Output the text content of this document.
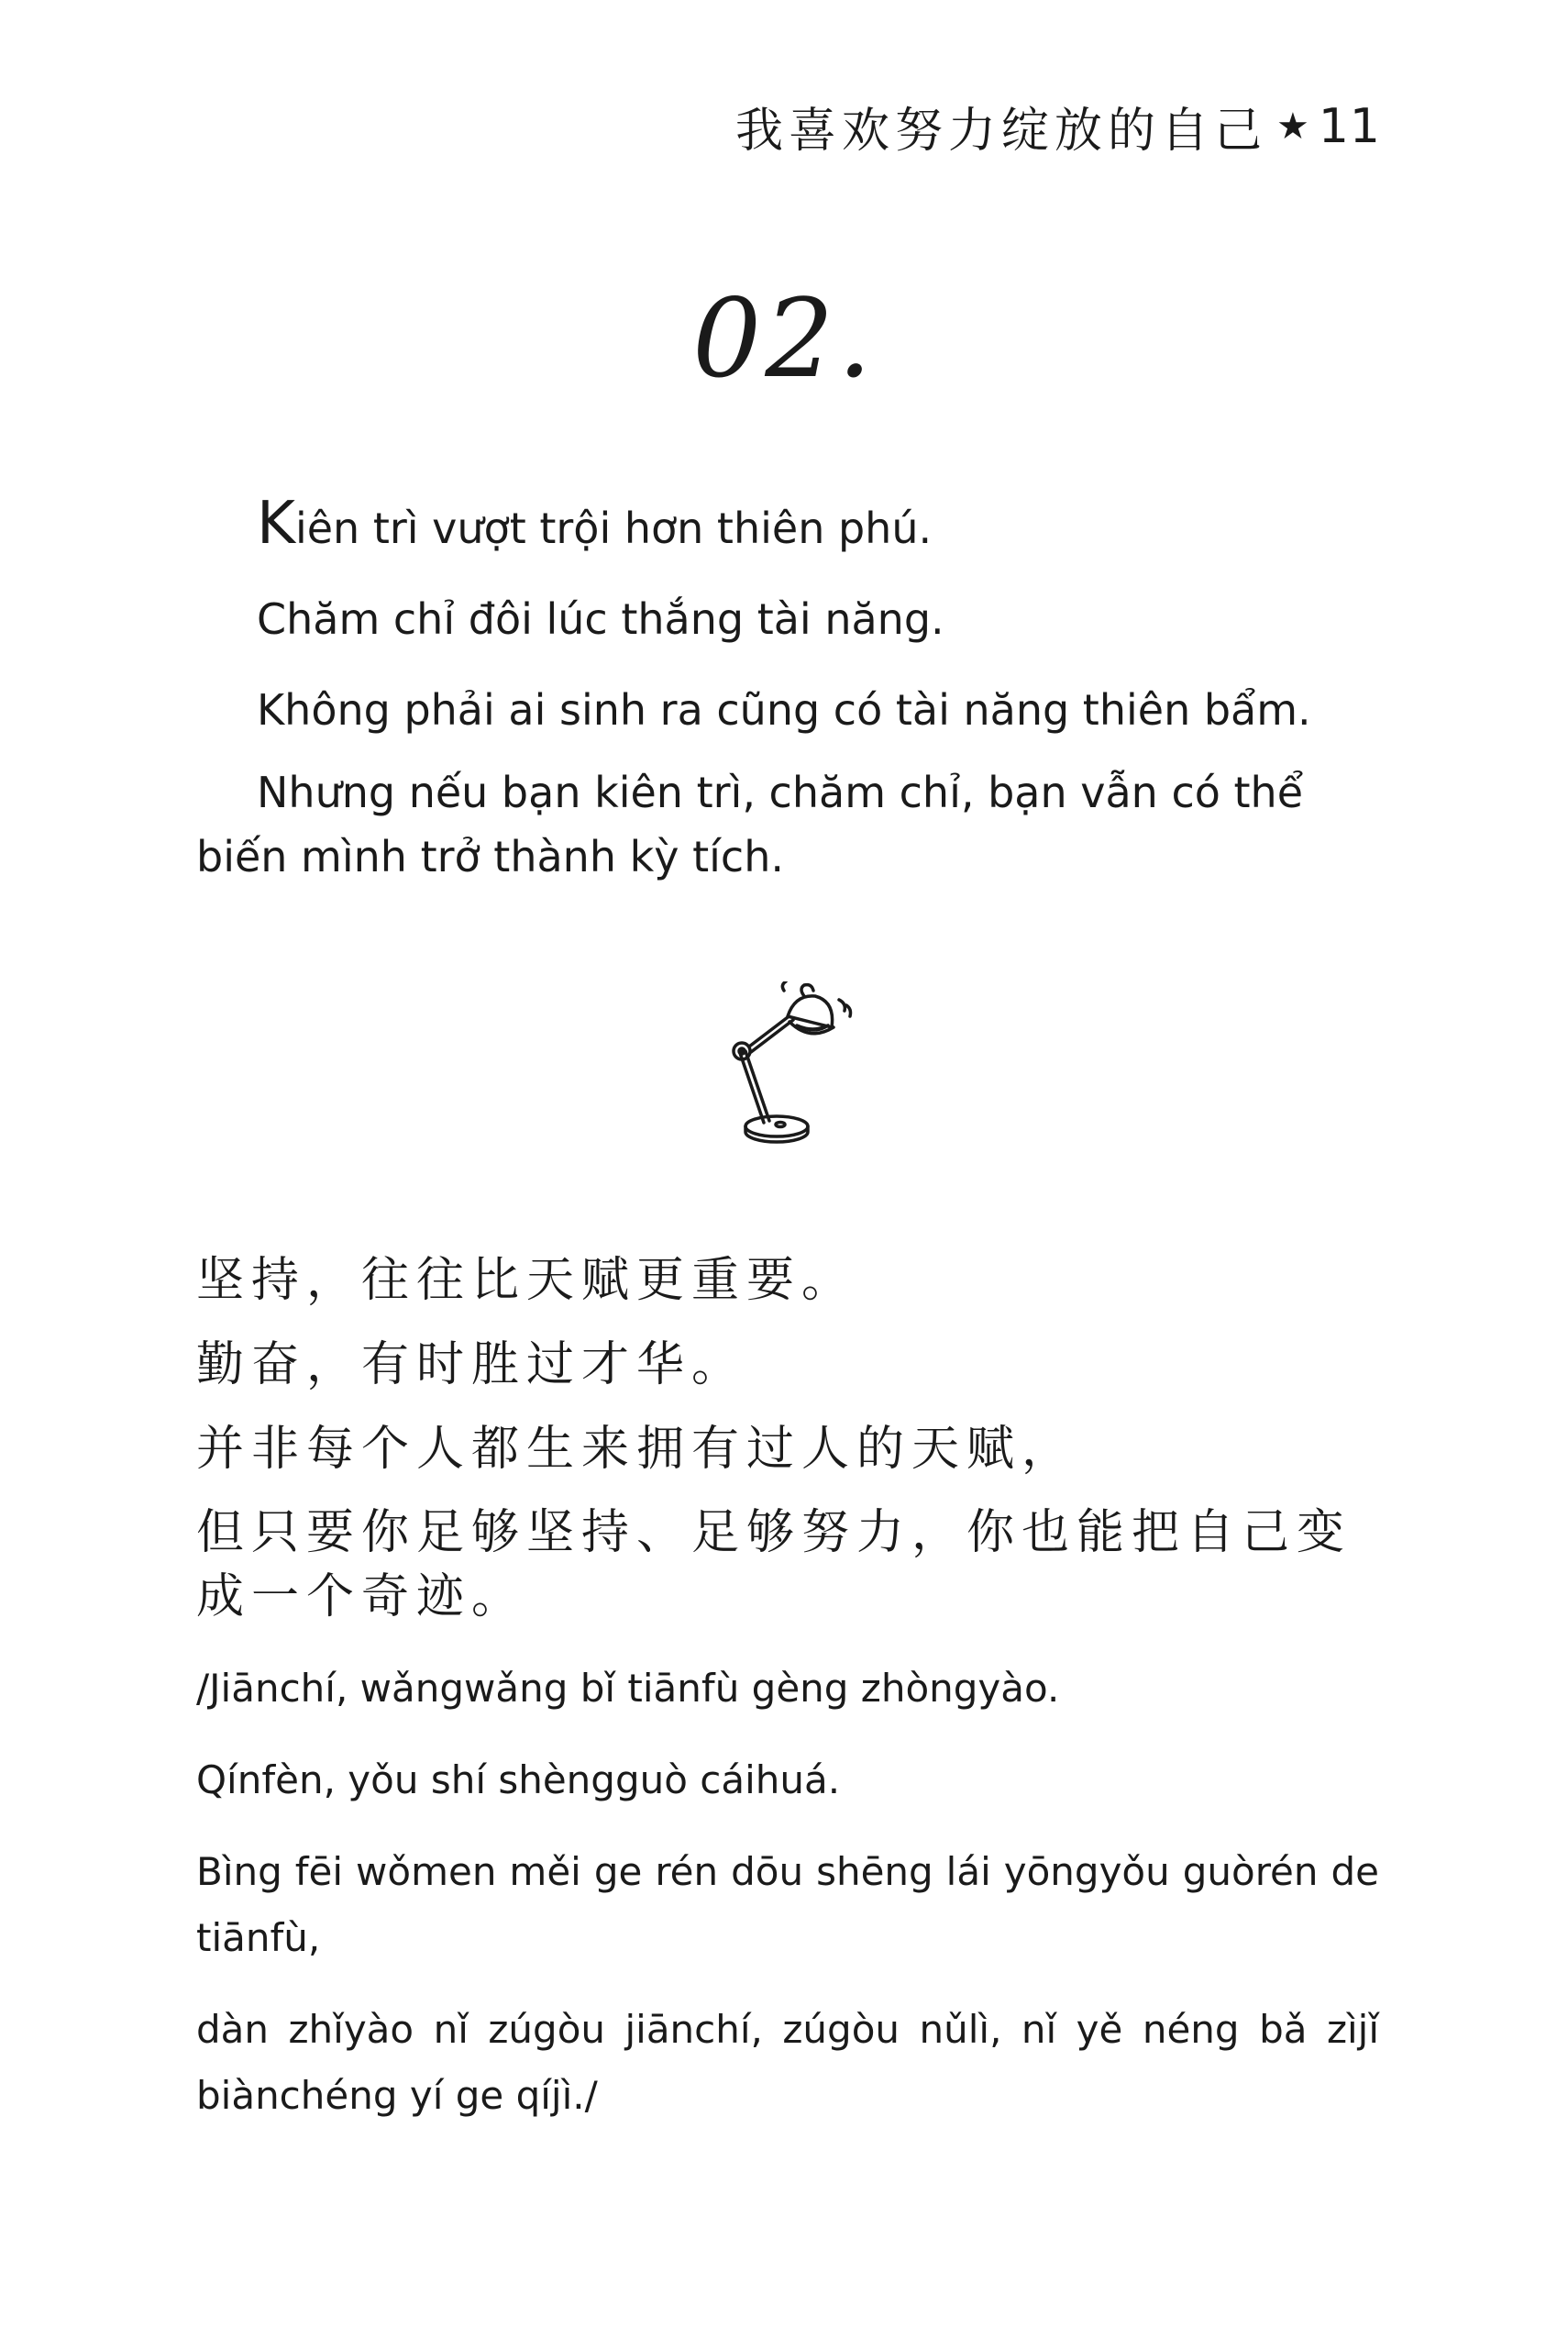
我喜欢努力绽放的自己 ★ 11
02.

Kiên trì vượt trội hơn thiên phú.

Chăm chỉ đôi lúc thắng tài năng.

Không phải ai sinh ra cũng có tài năng thiên bẩm.

Nhưng nếu bạn kiên trì, chăm chỉ, bạn vẫn có thể biến mình trở thành kỳ tích.

坚持，往往比天赋更重要。

勤奋，有时胜过才华。

并非每个人都生来拥有过人的天赋，

但只要你足够坚持、足够努力，你也能把自己变成一个奇迹。

/Jiānchí, wǎngwǎng bǐ tiānfù gèng zhòngyào.

Qínfèn, yǒu shí shèngguò cáihuá.

Bìng fēi wǒmen měi ge rén dōu shēng lái yōngyǒu guòrén de tiānfù,

dàn zhǐyào nǐ zúgòu jiānchí, zúgòu nǔlì, nǐ yě néng bǎ zìjǐ biànchéng yí ge qíjì./
